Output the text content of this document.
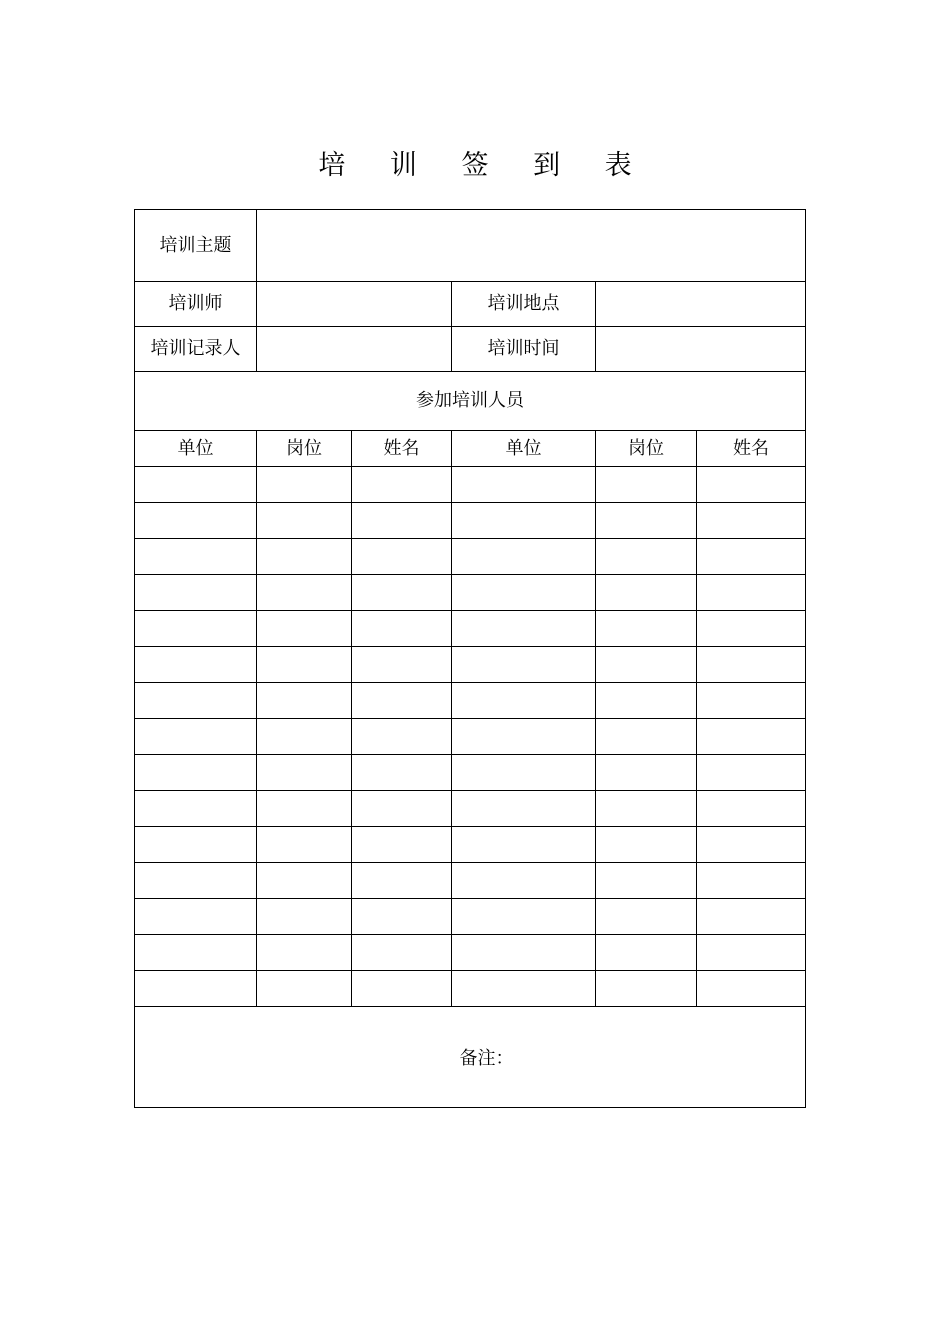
培 训 签 到 表
培训主题					
培训师			培训地点		
培训记录人			培训时间		
参加培训人员					
单位	岗位	姓名	单位	岗位	姓名

备注：					
